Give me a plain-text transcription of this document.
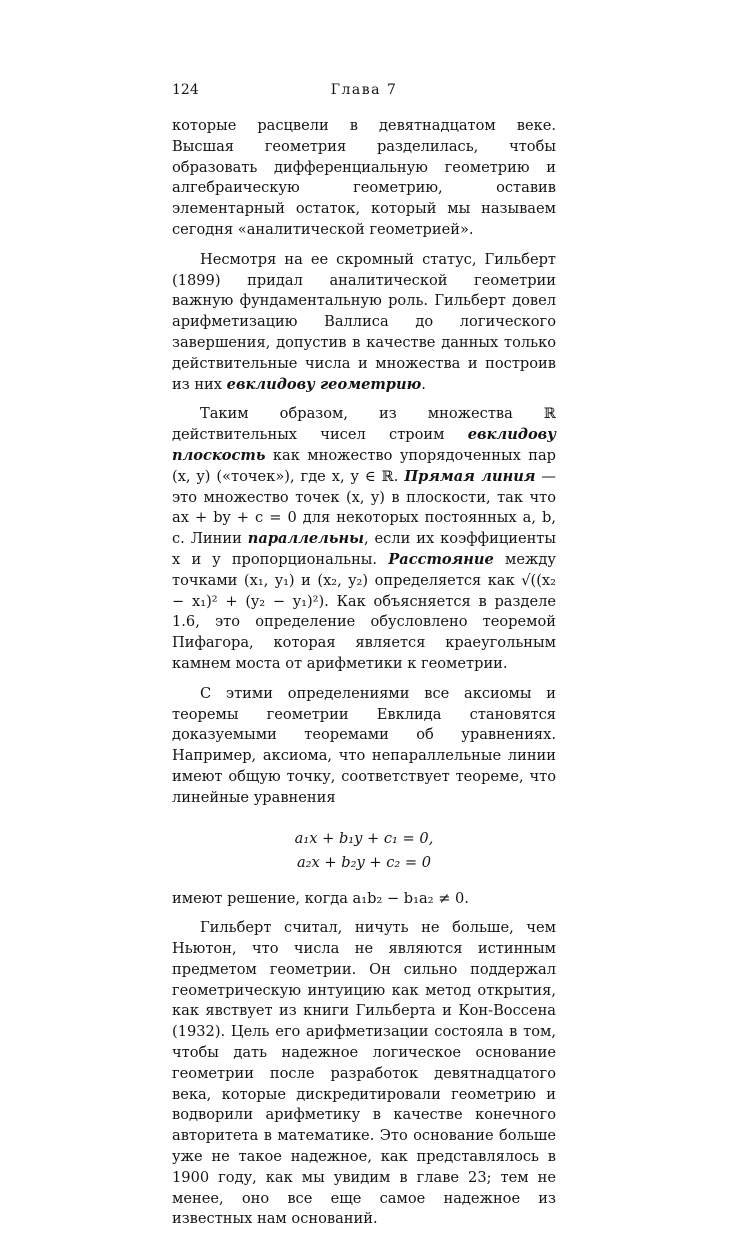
124	Глава 7

которые расцвели в девятнадцатом веке. Высшая геометрия разделилась, чтобы образовать дифференциальную геометрию и алгебраическую геометрию, оставив элементарный остаток, который мы называем сегодня «аналитической геометрией».

Несмотря на ее скромный статус, Гильберт (1899) придал аналитической геометрии важную фундаментальную роль. Гильберт довел арифметизацию Валлиса до логического завершения, допустив в качестве данных только действительные числа и множества и построив из них евклидову геометрию.

Таким образом, из множества ℝ действительных чисел строим евклидову плоскость как множество упорядоченных пар (x, y) («точек»), где x, y ∈ ℝ. Прямая линия — это множество точек (x, y) в плоскости, так что ax + by + c = 0 для некоторых постоянных a, b, c. Линии параллельны, если их коэффициенты x и y пропорциональны. Расстояние между точками (x₁, y₁) и (x₂, y₂) определяется как √((x₂ − x₁)² + (y₂ − y₁)²). Как объясняется в разделе 1.6, это определение обусловлено теоремой Пифагора, которая является краеугольным камнем моста от арифметики к геометрии.

С этими определениями все аксиомы и теоремы геометрии Евклида становятся доказуемыми теоремами об уравнениях. Например, аксиома, что непараллельные линии имеют общую точку, соответствует теореме, что линейные уравнения

a₁x + b₁y + c₁ = 0,
a₂x + b₂y + c₂ = 0

имеют решение, когда a₁b₂ − b₁a₂ ≠ 0.

Гильберт считал, ничуть не больше, чем Ньютон, что числа не являются истинным предметом геометрии. Он сильно поддержал геометрическую интуицию как метод открытия, как явствует из книги Гильберта и Кон-Воссена (1932). Цель его арифметизации состояла в том, чтобы дать надежное логическое основание геометрии после разработок девятнадцатого века, которые дискредитировали геометрию и водворили арифметику в качестве конечного авторитета в математике. Это основание больше уже не такое надежное, как представлялось в 1900 году, как мы увидим в главе 23; тем не менее, оно все еще самое надежное из известных нам оснований.
